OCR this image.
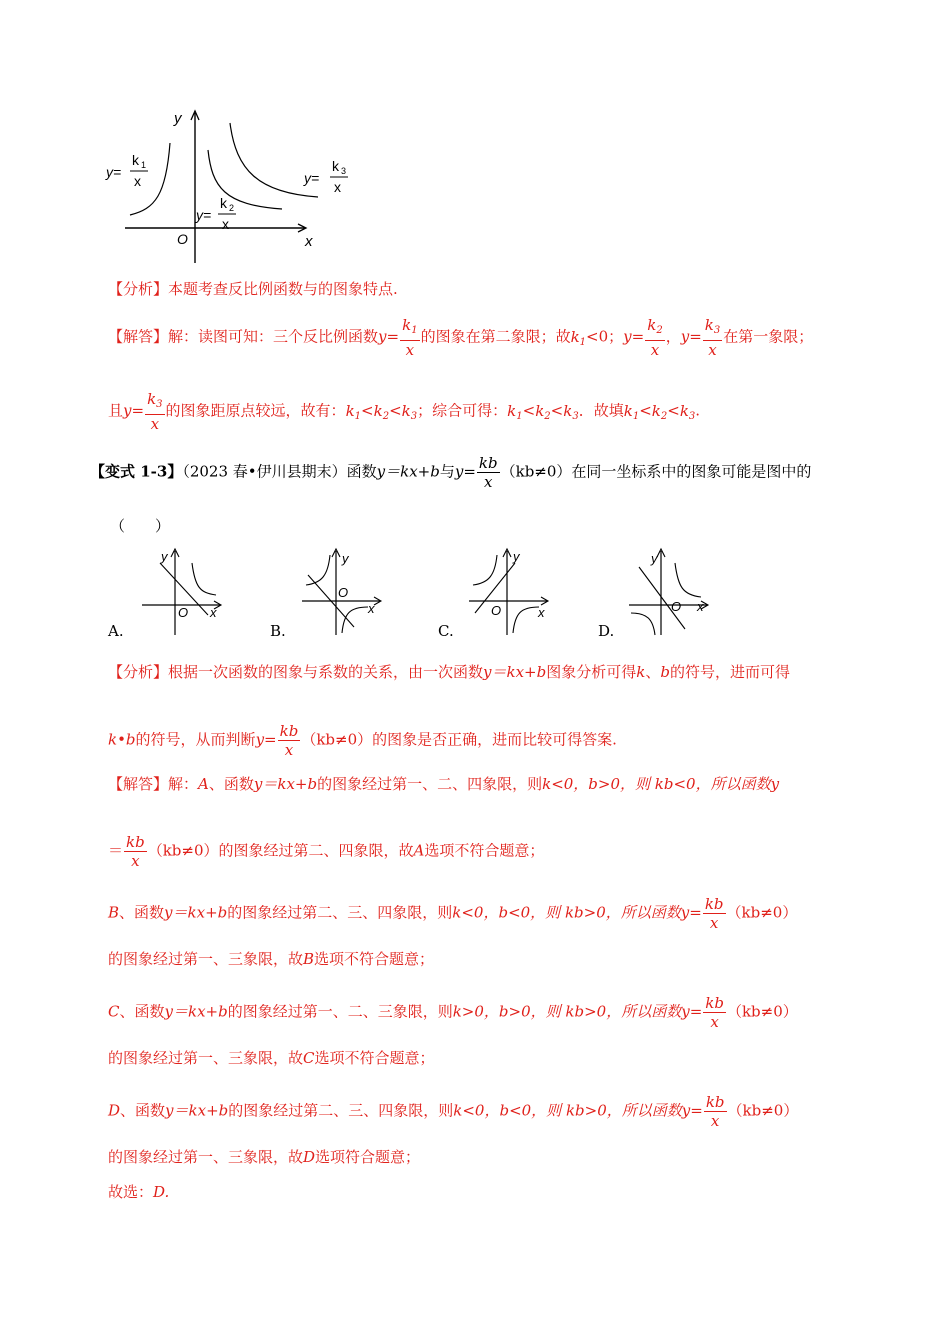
y
x
O
y=
k 1
x
y=
k 2
x
y=
k 3
x
【分析】本题考查反比例函数与的图象特点.
【解答】解：读图可知：三个反比例函数$y= \frac{k_1}{x}$ 的图象在第二象限；故$k_1<0$；$y= \frac{k_2}{x}$ ，$y= \frac{k_3}{x}$ 在第一象限；
且$y= \frac{k_3}{x}$ 的图象距原点较远，故有：$k_1<k_2<k_3$；综合可得：$k_1<k_2<k_3$．故填$k_1<k_2<k_3$.
【变式 1-3】（2023 春•伊川县期末）函数y＝kx+b与$y= \frac{kb}{x} (kb\ne 0)$在同一坐标系中的图象可能是图中的
（　　）
y
x
O
y
x
O
y
x
O
y
x
O
A.	B.	C.	D.
【分析】根据一次函数的图象与系数的关系，由一次函数y＝kx+b图象分析可得k、b的符号，进而可得
k•b的符号，从而判断$y= \frac{kb}{x} (kb\ne 0)$的图象是否正确，进而比较可得答案.
【解答】解：A、函数y＝kx+b的图象经过第一、二、四象限，则k<0，b>0，则 kb<0，所以函数y
＝ $\frac{kb}{x} (kb\ne 0)$的图象经过第二、四象限，故A选项不符合题意；
B、函数y＝kx+b的图象经过第二、三、四象限，则k<0，b<0，则 kb>0，所以函数$y= \frac{kb}{x} (kb\ne 0)$
的图象经过第一、三象限，故B选项不符合题意；
C、函数y＝kx+b的图象经过第一、二、三象限，则k>0，b>0，则 kb>0，所以函数$y= \frac{kb}{x} (kb\ne 0)$
的图象经过第一、三象限，故C选项不符合题意；
D、函数y＝kx+b的图象经过第二、三、四象限，则k<0，b<0，则 kb>0，所以函数$y= \frac{kb}{x} (kb\ne 0)$
的图象经过第一、三象限，故D选项符合题意；
故选：D.
